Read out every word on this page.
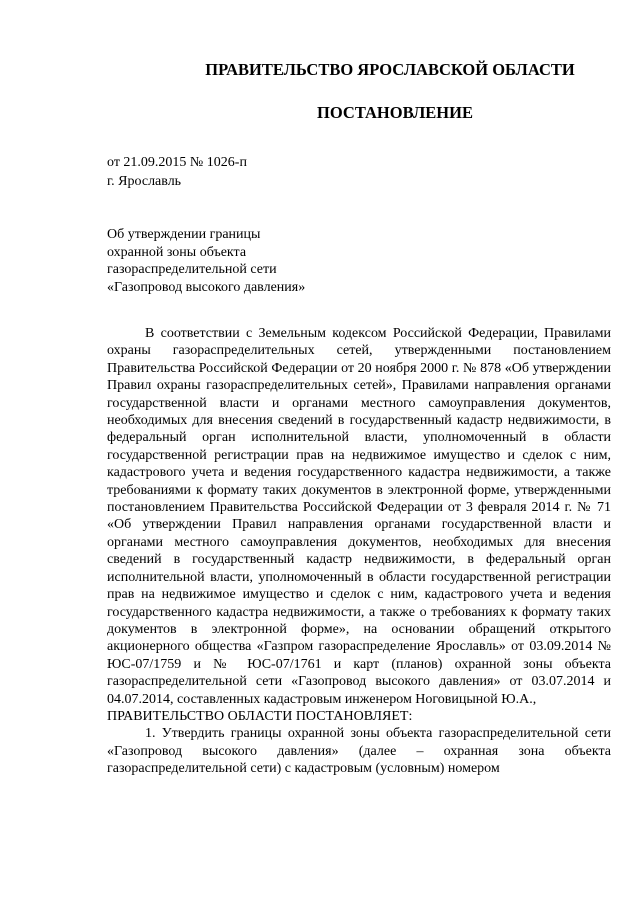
ПРАВИТЕЛЬСТВО ЯРОСЛАВСКОЙ ОБЛАСТИ
ПОСТАНОВЛЕНИЕ
от 21.09.2015 № 1026-п
г. Ярославль
Об утверждении границы
охранной зоны объекта
газораспределительной сети
«Газопровод высокого давления»

В соответствии с Земельным кодексом Российской Федерации, Правилами охраны газораспределительных сетей, утвержденными постановлением Правительства Российской Федерации от 20 ноября 2000 г. № 878 «Об утверждении Правил охраны газораспределительных сетей», Правилами направления органами государственной власти и органами местного самоуправления документов, необходимых для внесения сведений в государственный кадастр недвижимости, в федеральный орган исполнительной власти, уполномоченный в области государственной регистрации прав на недвижимое имущество и сделок с ним, кадастрового учета и ведения государственного кадастра недвижимости, а также требованиями к формату таких документов в электронной форме, утвержденными постановлением Правительства Российской Федерации от 3 февраля 2014 г. № 71 «Об утверждении Правил направления органами государственной власти и органами местного самоуправления документов, необходимых для внесения сведений в государственный кадастр недвижимости, в федеральный орган исполнительной власти, уполномоченный в области государственной регистрации прав на недвижимое имущество и сделок с ним, кадастрового учета и ведения государственного кадастра недвижимости, а также о требованиях к формату таких документов в электронной форме», на основании обращений открытого акционерного общества «Газпром газораспределение Ярославль» от 03.09.2014 № ЮС-07/1759 и № ЮС-07/1761 и карт (планов) охранной зоны объекта газораспределительной сети «Газопровод высокого давления» от 03.07.2014 и 04.07.2014, составленных кадастровым инженером Ноговицыной Ю.А.,

ПРАВИТЕЛЬСТВО ОБЛАСТИ ПОСТАНОВЛЯЕТ:

1. Утвердить границы охранной зоны объекта газораспределительной сети «Газопровод высокого давления» (далее – охранная зона объекта газораспределительной сети) с кадастровым (условным) номером
